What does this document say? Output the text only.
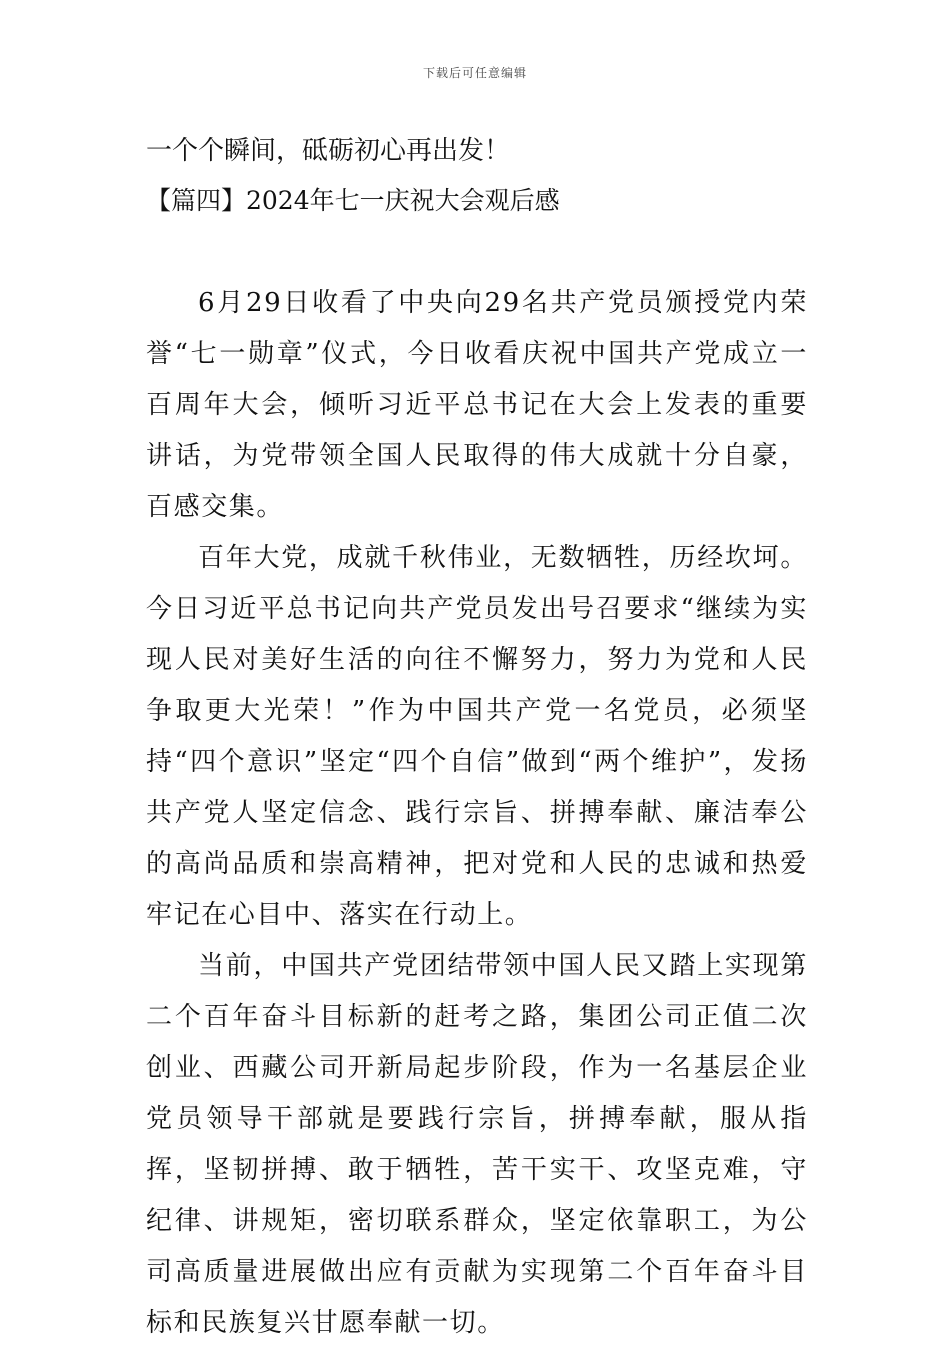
下载后可任意编辑

一个个瞬间，砥砺初心再出发！

【篇四】2024年七一庆祝大会观后感

6月29日收看了中央向29名共产党员颁授党内荣誉“七一勋章”仪式，今日收看庆祝中国共产党成立一百周年大会，倾听习近平总书记在大会上发表的重要讲话，为党带领全国人民取得的伟大成就十分自豪，百感交集。

百年大党，成就千秋伟业，无数牺牲，历经坎坷。今日习近平总书记向共产党员发出号召要求“继续为实现人民对美好生活的向往不懈努力，努力为党和人民争取更大光荣！”作为中国共产党一名党员，必须坚持“四个意识”坚定“四个自信”做到“两个维护”，发扬共产党人坚定信念、践行宗旨、拼搏奉献、廉洁奉公的高尚品质和崇高精神，把对党和人民的忠诚和热爱牢记在心目中、落实在行动上。

当前，中国共产党团结带领中国人民又踏上实现第二个百年奋斗目标新的赶考之路，集团公司正值二次创业、西藏公司开新局起步阶段，作为一名基层企业党员领导干部就是要践行宗旨，拼搏奉献，服从指挥，坚韧拼搏、敢于牺牲，苦干实干、攻坚克难，守纪律、讲规矩，密切联系群众，坚定依靠职工，为公司高质量进展做出应有贡献为实现第二个百年奋斗目标和民族复兴甘愿奉献一切。
